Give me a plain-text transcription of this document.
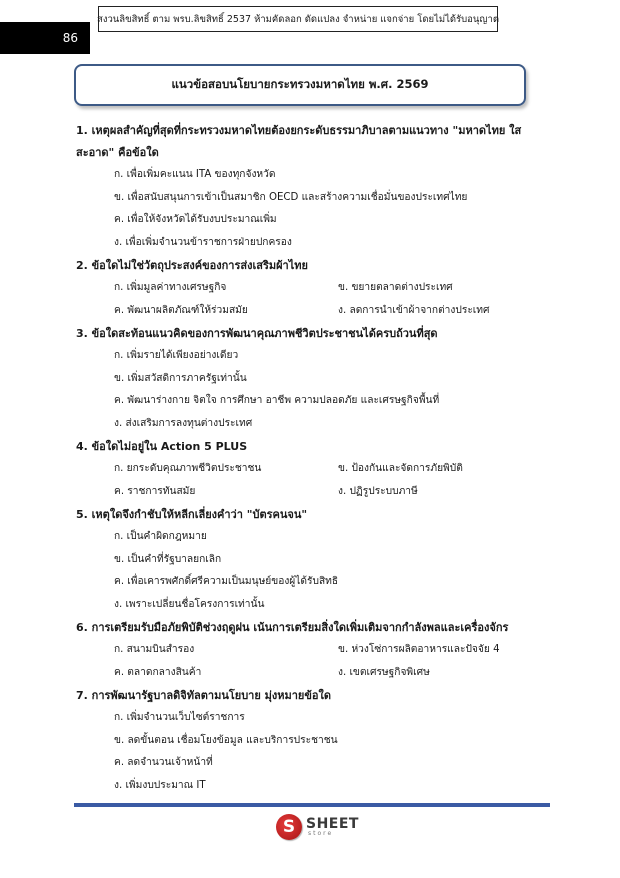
สงวนลิขสิทธิ์ ตาม พรบ.ลิขสิทธิ์ 2537 ห้ามคัดลอก ดัดแปลง จำหน่าย แจกจ่าย โดยไม่ได้รับอนุญาต
86
แนวข้อสอบนโยบายกระทรวงมหาดไทย พ.ศ. 2569
1. เหตุผลสำคัญที่สุดที่กระทรวงมหาดไทยต้องยกระดับธรรมาภิบาลตามแนวทาง "มหาดไทย ใส สะอาด" คือข้อใด
ก. เพื่อเพิ่มคะแนน ITA ของทุกจังหวัด
ข. เพื่อสนับสนุนการเข้าเป็นสมาชิก OECD และสร้างความเชื่อมั่นของประเทศไทย
ค. เพื่อให้จังหวัดได้รับงบประมาณเพิ่ม
ง. เพื่อเพิ่มจำนวนข้าราชการฝ่ายปกครอง
2. ข้อใดไม่ใช่วัตถุประสงค์ของการส่งเสริมผ้าไทย
ก. เพิ่มมูลค่าทางเศรษฐกิจ	ข. ขยายตลาดต่างประเทศ
ค. พัฒนาผลิตภัณฑ์ให้ร่วมสมัย	ง. ลดการนำเข้าผ้าจากต่างประเทศ
3. ข้อใดสะท้อนแนวคิดของการพัฒนาคุณภาพชีวิตประชาชนได้ครบถ้วนที่สุด
ก. เพิ่มรายได้เพียงอย่างเดียว
ข. เพิ่มสวัสดิการภาครัฐเท่านั้น
ค. พัฒนาร่างกาย จิตใจ การศึกษา อาชีพ ความปลอดภัย และเศรษฐกิจพื้นที่
ง. ส่งเสริมการลงทุนต่างประเทศ
4. ข้อใดไม่อยู่ใน Action 5 PLUS
ก. ยกระดับคุณภาพชีวิตประชาชน	ข. ป้องกันและจัดการภัยพิบัติ
ค. ราชการทันสมัย	ง. ปฏิรูประบบภาษี
5. เหตุใดจึงกำชับให้หลีกเลี่ยงคำว่า "บัตรคนจน"
ก. เป็นคำผิดกฎหมาย
ข. เป็นคำที่รัฐบาลยกเลิก
ค. เพื่อเคารพศักดิ์ศรีความเป็นมนุษย์ของผู้ได้รับสิทธิ
ง. เพราะเปลี่ยนชื่อโครงการเท่านั้น
6. การเตรียมรับมือภัยพิบัติช่วงฤดูฝน เน้นการเตรียมสิ่งใดเพิ่มเติมจากกำลังพลและเครื่องจักร
ก. สนามบินสำรอง	ข. ห่วงโซ่การผลิตอาหารและปัจจัย 4
ค. ตลาดกลางสินค้า	ง. เขตเศรษฐกิจพิเศษ
7. การพัฒนารัฐบาลดิจิทัลตามนโยบาย มุ่งหมายข้อใด
ก. เพิ่มจำนวนเว็บไซต์ราชการ
ข. ลดขั้นตอน เชื่อมโยงข้อมูล และบริการประชาชน
ค. ลดจำนวนเจ้าหน้าที่
ง. เพิ่มงบประมาณ IT
S SHEET
store
